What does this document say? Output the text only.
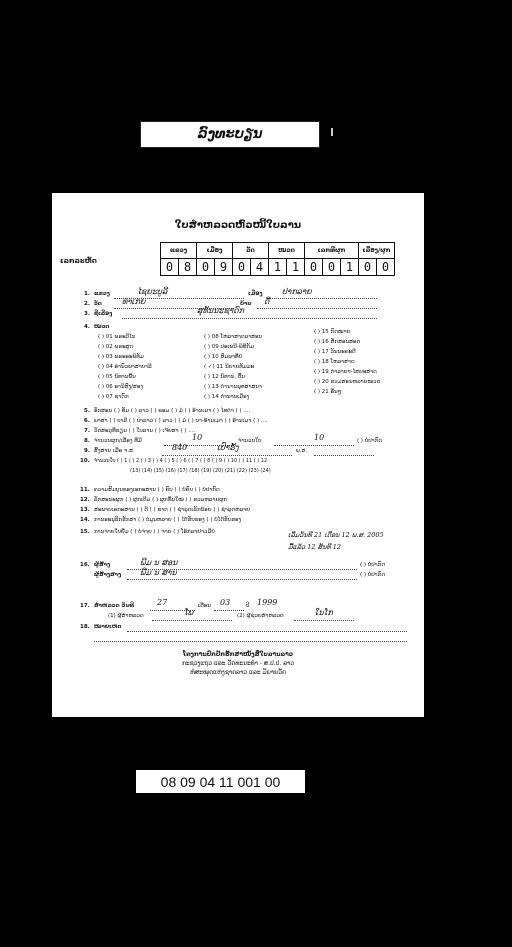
ລົງທະບຽນ
ໃບສຳຫລວດຫົວໜີ້ໃບລານ
ເລກລະຫັດ
ແຂວງ		ເມືອງ		ວັດ		ໝວດ		ເລກທີຜູກ			ເລືອງ/ຜູກ	
0	8	0	9	0	4	1	1	0	0	1	0	0
1. ແຂວງ	ໄຊຍະບູລີ	ເມືອງ ປາກລາຍ
2. ວັດ	ທ່າເກຍ	ບ້ານ ດີ
3. ຊື່ເລື່ອງ	ສຸທັນນະຊາດົກ
4. ໝວດ
( ) 01 ພຣະວີໄນ
( ) 02 ພຣະສູດ
( ) 03 ພຣະອະພິທັມ
( ) 04 ອຳນົວພາສາບາລີ
( ) 05 ນິທານພື້ນ
( ) 06 ອານິສົງ/ສອງ
( ) 07 ຊາດົກ
( ) 08 ໂຫລາສາດລາສອນ
( ) 09 ປະເພນີ-ພິທີກັມ
( ) 10 ສົມພາທື່ປໍ
( ✓) 11 ນິຍາຍທັມມະ
( ) 12 ນິທານ, ຕົ້ນ
( ) 13 ຕຳນານພຸທສາສນາ
( ) 14 ຕຳນານເມືອງ
( ) 15 ກົດໝາຍ
( ) 16 ສັກສອນສອດ
( ) 17 ວັນນະຄະດີ
( ) 18 ໂຫລາສາດ
( ) 19 ກຳລາຍາ-ໄສຍະສາດ
( ) 20 ຮວມສອນຫລາຍໝວດ
( ) 21 ອື່ນໆ
5. ອັກສອນ ( ) ທັມ ( ) ລາວ ( ) ຂອມ ( ) ມໍ່ ( ) ອ້ານເມາ ( ) ໄທດຳ ( ) ....
6. ພາສາ ( ) ບາລີ ( ) ບາລາວ ( ) ລາວ ( ) ມໍ່ ( ) ບາ-ອ້ານເມາ ( ) ອ້ານເມາ ( ) ....
7. ວັດສະດຸທີ່ຂຽນ ( ) ໃບລານ ( ) ເຈ້ຍສາ ( ) ....
8. ຈຳນວນຜູກ/ເລື່ອງ ທີ່ມີ	10	ຈຳນວນໃບ	10	( ) ບໍ່ປາກົດ
9. ສົ້ງສານ ເມື່ອ ຈ.ສ.	840	ເປົາຮັ້ງ	ພ.ສ.
10. ຈຳນວນໃບ ( ) 1 ( ) 2 ( ) 3 ( ) 4 ( ) 5 ( ) 6 ( ) 7 ( ) 8 ( ) 9 ( ) 10 ( ) 11 ( ) 12
(13) (14) (15) (16) (17) (18) (19) (20) (21) (22) (23) (24)
11. ຄວາມສົມບູນຂອງເອກະສານ ( ) ຄົບ ( ) ບໍ່ຄົບ ( ) ບໍ່ປາກົດ
12. ລັກສະນະຜູກ ( ) ຜູກເດີມ ( ) ຜູກຂຶ້ນໃໝ່ ( ) ຮວມຫລາຍຜູກ
13. ສະພາບເອກະສານ ( ) ດີ ( ) ຂາດ ( ) ຊຳລຸດເລັກນ້ອຍ ( ) ຊຳລຸດຫລາຍ
14. ການອະນຸລັກຮັກສາ ( ) ບໍ່ມູນຫລາຍ ( ) ໄດ້ຮັບຮອງ ( ) ບໍ່ໄດ້ຮັບຮອງ
15. ການຈ່າຍໃບຢື່ມ ( ) ບໍ່ຈ່າຍ ( ) ຈ່າຍ ( ) ໂອ້ກໍລາຢາວມືບໍ່	ເລີ່ມວັນທີ 21 ເດືອນ 12 ພ.ສ. 2005
ມື້ແລ້ວ 12 ສັນທີ 12
16. ຜູ້ສ້າງ	ພີມ ນ ສອນ	( ) ບໍ່ປາກົດ
ຜູ້ສ້າງສາງ ພີມ ນ ສານ	( ) ບໍ່ປາກົດ
17. ສຳຫລວດ ວັນທີ	27	ເດືອນ 03	ປີ 1999
(1) ຜູ້ສຳຫລວດ	ໂພ	(2) ຜູ້ຊ່ວຍສຳຫລວດ	ໃນໂກ
18. ໝາຍເຫດ
ໂຄງການປົກປັກຮັກສາໜັງສືໃບລານລາວ
ກະຊວງແຖວ ແລະ ວັດທະນະທຳ - ສ.ປ.ປ. ລາວ
ຫໍສະໝຸດແຫ່ງຊາດລາວ ແລະ ມິຍາຍວັດ
08 09 04 11 001 00
